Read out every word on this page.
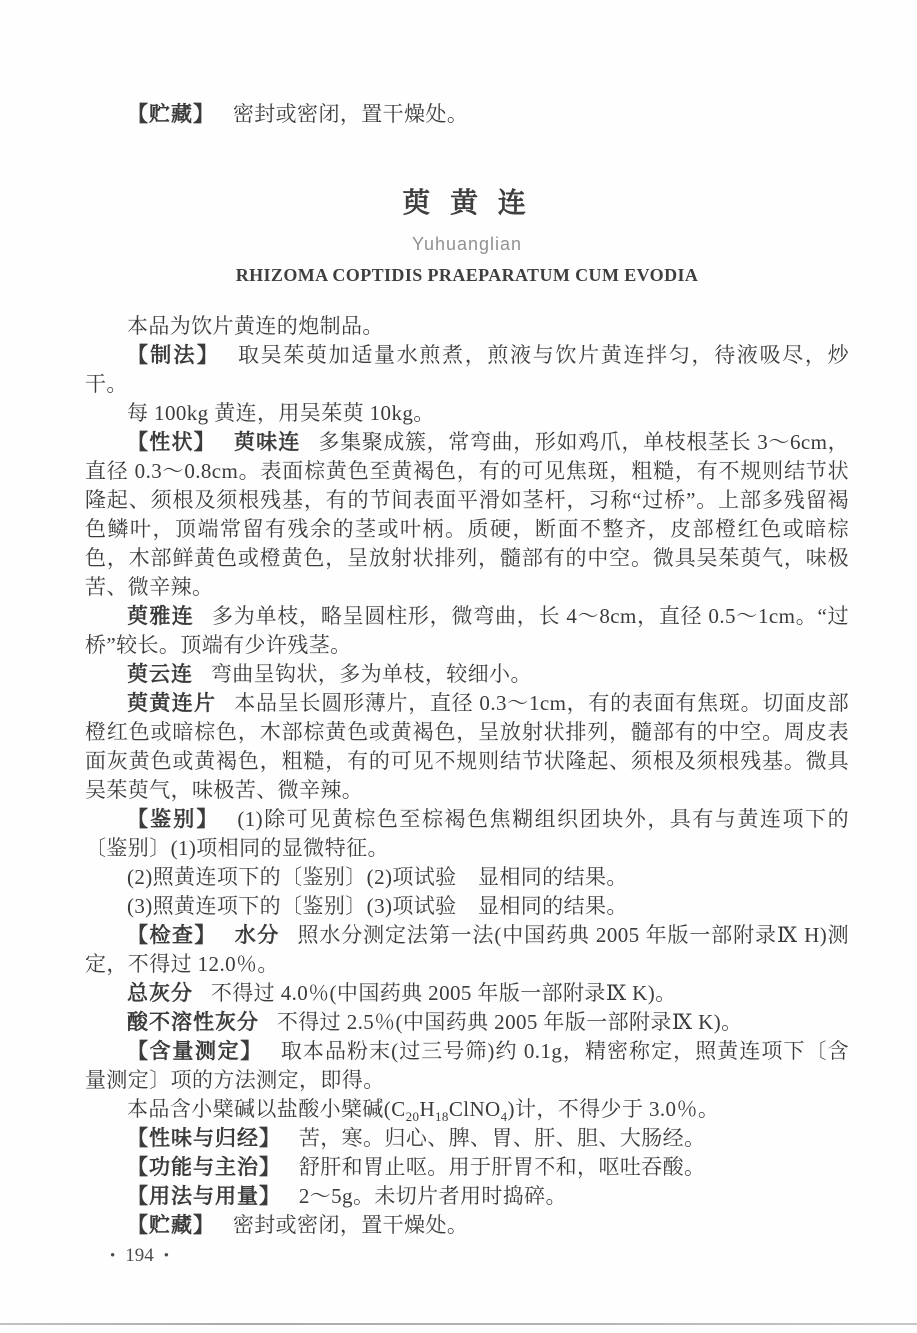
【贮藏】 密封或密闭，置干燥处。

萸 黄 连
Yuhuanglian
RHIZOMA COPTIDIS PRAEPARATUM CUM EVODIA

本品为饮片黄连的炮制品。

【制法】 取吴茱萸加适量水煎煮，煎液与饮片黄连拌匀，待液吸尽，炒干。

每 100kg 黄连，用吴茱萸 10kg。

【性状】 萸味连 多集聚成簇，常弯曲，形如鸡爪，单枝根茎长 3～6cm，直径 0.3～0.8cm。表面棕黄色至黄褐色，有的可见焦斑，粗糙，有不规则结节状隆起、须根及须根残基，有的节间表面平滑如茎杆，习称“过桥”。上部多残留褐色鳞叶，顶端常留有残余的茎或叶柄。质硬，断面不整齐，皮部橙红色或暗棕色，木部鲜黄色或橙黄色，呈放射状排列，髓部有的中空。微具吴茱萸气，味极苦、微辛辣。

萸雅连 多为单枝，略呈圆柱形，微弯曲，长 4～8cm，直径 0.5～1cm。“过桥”较长。顶端有少许残茎。

萸云连 弯曲呈钩状，多为单枝，较细小。

萸黄连片 本品呈长圆形薄片，直径 0.3～1cm，有的表面有焦斑。切面皮部橙红色或暗棕色，木部棕黄色或黄褐色，呈放射状排列，髓部有的中空。周皮表面灰黄色或黄褐色，粗糙，有的可见不规则结节状隆起、须根及须根残基。微具吴茱萸气，味极苦、微辛辣。

【鉴别】 (1)除可见黄棕色至棕褐色焦糊组织团块外，具有与黄连项下的〔鉴别〕(1)项相同的显微特征。

(2)照黄连项下的〔鉴别〕(2)项试验　显相同的结果。

(3)照黄连项下的〔鉴别〕(3)项试验　显相同的结果。

【检查】 水分 照水分测定法第一法(中国药典 2005 年版一部附录Ⅸ H)测定，不得过 12.0％。

总灰分 不得过 4.0％(中国药典 2005 年版一部附录Ⅸ K)。

酸不溶性灰分 不得过 2.5％(中国药典 2005 年版一部附录Ⅸ K)。

【含量测定】 取本品粉末(过三号筛)约 0.1g，精密称定，照黄连项下〔含量测定〕项的方法测定，即得。

本品含小檗碱以盐酸小檗碱$(C_{20}H_{18}ClNO_4)$计，不得少于 3.0％。

【性味与归经】 苦，寒。归心、脾、胃、肝、胆、大肠经。

【功能与主治】 舒肝和胃止呕。用于肝胃不和，呕吐吞酸。

【用法与用量】 2～5g。未切片者用时捣碎。

【贮藏】 密封或密闭，置干燥处。

• 194 •
